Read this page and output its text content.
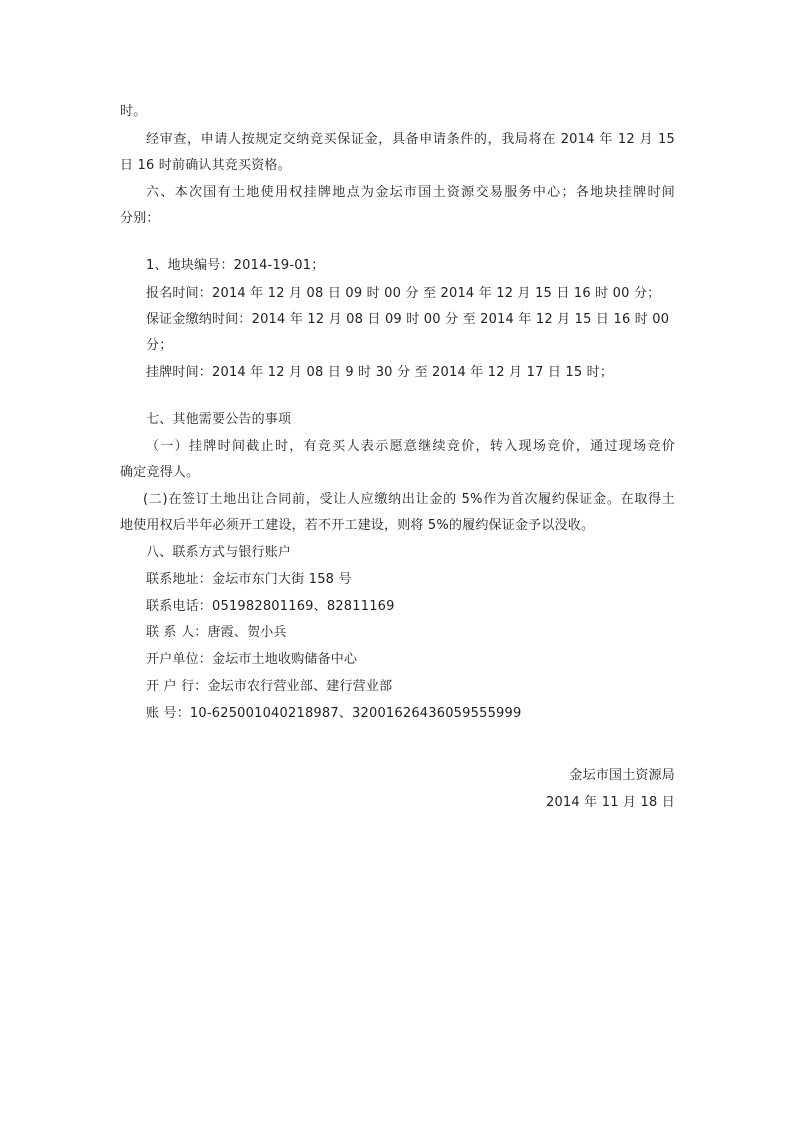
时。
经审查，申请人按规定交纳竞买保证金，具备申请条件的，我局将在 2014 年 12 月 15
日 16 时前确认其竞买资格。
六、本次国有土地使用权挂牌地点为金坛市国土资源交易服务中心；各地块挂牌时间
分别：
1、地块编号：2014-19-01；
报名时间：2014 年 12 月 08 日 09 时 00 分 至 2014 年 12 月 15 日 16 时 00 分；
保证金缴纳时间：2014 年 12 月 08 日 09 时 00 分 至 2014 年 12 月 15 日 16 时 00
分；
挂牌时间：2014 年 12 月 08 日 9 时 30 分 至 2014 年 12 月 17 日 15 时；
七、其他需要公告的事项
（一）挂牌时间截止时，有竞买人表示愿意继续竞价，转入现场竞价，通过现场竞价
确定竞得人。
(二)在签订土地出让合同前，受让人应缴纳出让金的 5%作为首次履约保证金。在取得土
地使用权后半年必须开工建设，若不开工建设，则将 5%的履约保证金予以没收。
八、联系方式与银行账户
联系地址：金坛市东门大街 158 号
联系电话：051982801169、82811169
联 系 人：唐霞、贺小兵
开户单位：金坛市土地收购储备中心
开 户 行：金坛市农行营业部、建行营业部
账 号：10-625001040218987、32001626436059555999
金坛市国土资源局
2014 年 11 月 18 日
